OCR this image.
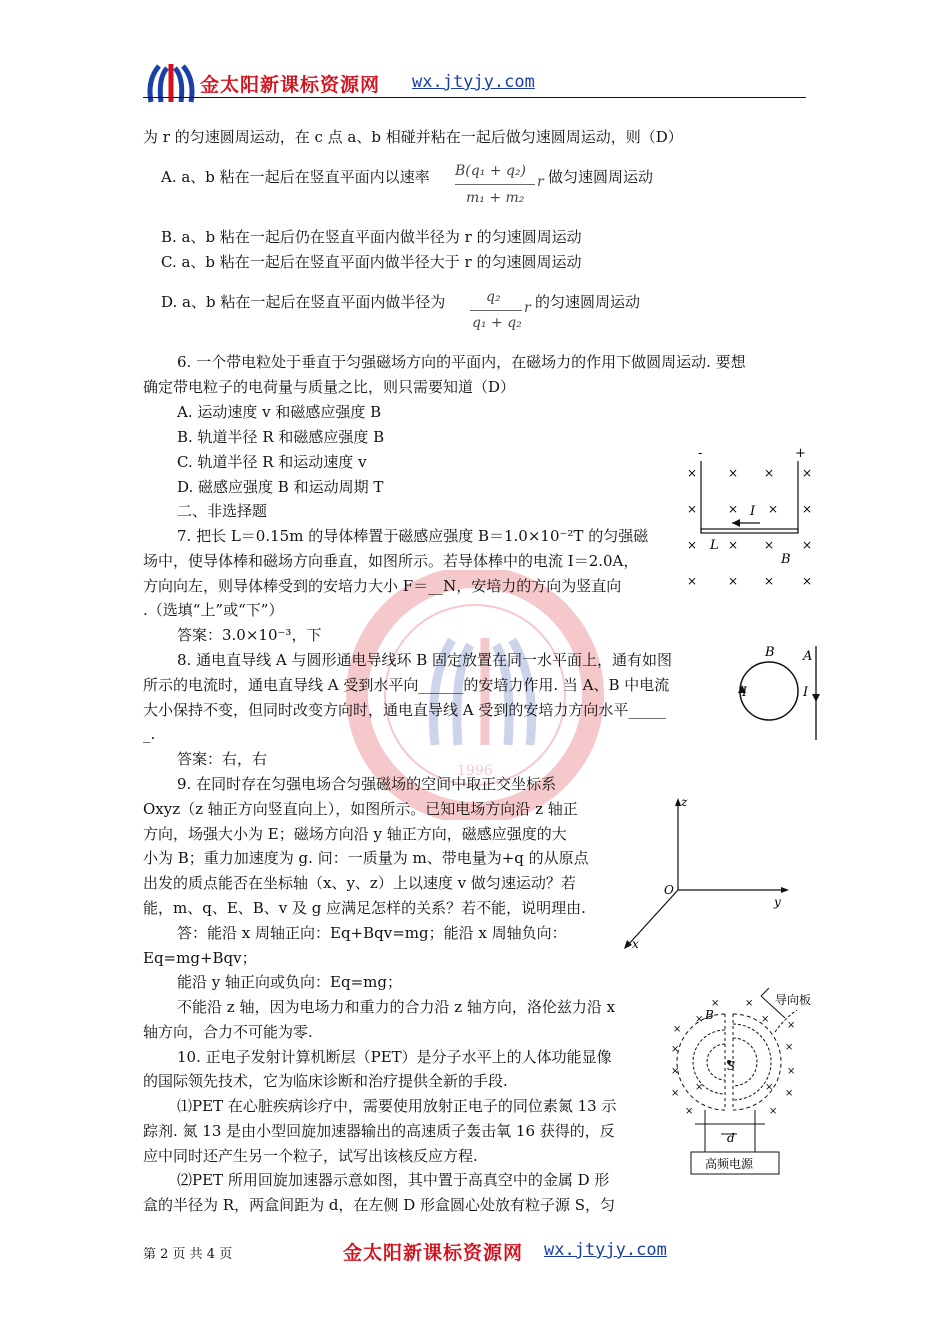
金太阳新课标资源网 wx.jtyjy.com
1996
为 r 的匀速圆周运动，在 c 点 a、b 相碰并粘在一起后做匀速圆周运动，则（D）
A. a、b 粘在一起后在竖直平面内以速率 B(q₁ + q₂)
m₁ + m₂
r 做匀速圆周运动
B. a、b 粘在一起后仍在竖直平面内做半径为 r 的匀速圆周运动
C. a、b 粘在一起后在竖直平面内做半径大于 r 的匀速圆周运动
D. a、b 粘在一起后在竖直平面内做半径为	q₂
q₁ + q₂
r 的匀速圆周运动
6. 一个带电粒处于垂直于匀强磁场方向的平面内，在磁场力的作用下做圆周运动. 要想
确定带电粒子的电荷量与质量之比，则只需要知道（D）
A. 运动速度 v 和磁感应强度 B
B. 轨道半径 R 和磁感应强度 B
C. 轨道半径 R 和运动速度 v
D. 磁感应强度 B 和运动周期 T
二、非选择题
7. 把长 L＝0.15m 的导体棒置于磁感应强度 B＝1.0×10⁻²T 的匀强磁
场中，使导体棒和磁场方向垂直，如图所示。若导体棒中的电流 I＝2.0A，
方向向左，则导体棒受到的安培力大小 F＝__N，安培力的方向为竖直向
.（选填“上”或“下”）
答案：3.0×10⁻³，下
8. 通电直导线 A 与圆形通电导线环 B 固定放置在同一水平面上，通有如图
所示的电流时，通电直导线 A 受到水平向______的安培力作用. 当 A、B 中电流
大小保持不变，但同时改变方向时，通电直导线 A 受到的安培力方向水平_____
_.
答案：右，右
9. 在同时存在匀强电场合匀强磁场的空间中取正交坐标系
Oxyz（z 轴正方向竖直向上），如图所示。已知电场方向沿 z 轴正
方向，场强大小为 E；磁场方向沿 y 轴正方向，磁感应强度的大
小为 B；重力加速度为 g. 问：一质量为 m、带电量为+q 的从原点
出发的质点能否在坐标轴（x、y、z）上以速度 v 做匀速运动？若
能，m、q、E、B、v 及 g 应满足怎样的关系？若不能，说明理由.
答：能沿 x 周轴正向：Eq+Bqv=mg；能沿 x 周轴负向：
Eq=mg+Bqv；
能沿 y 轴正向或负向：Eq=mg；
不能沿 z 轴，因为电场力和重力的合力沿 z 轴方向，洛伦兹力沿 x
轴方向，合力不可能为零.
10. 正电子发射计算机断层（PET）是分子水平上的人体功能显像
的国际领先技术，它为临床诊断和治疗提供全新的手段.
⑴PET 在心脏疾病诊疗中，需要使用放射正电子的同位素氮 13 示
踪剂. 氮 13 是由小型回旋加速器输出的高速质子轰击氧 16 获得的，反
应中同时还产生另一个粒子，试写出该核反应方程.
⑵PET 所用回旋加速器示意如图，其中置于高真空中的金属 D 形
盒的半径为 R，两盒间距为 d，在左侧 D 形盒圆心处放有粒子源 S，匀
-	+
I
L
B
×	× × ×
×	× × ×
×	× × ×
×	× × ×
B A
I	I
z
y
x
O
导向板
B
S
d
高频电源
×
×	×
×
×	×
×	×
×	×
×	×
×	×
×	×
第 2 页 共 4 页	金太阳新课标资源网 wx.jtyjy.com
